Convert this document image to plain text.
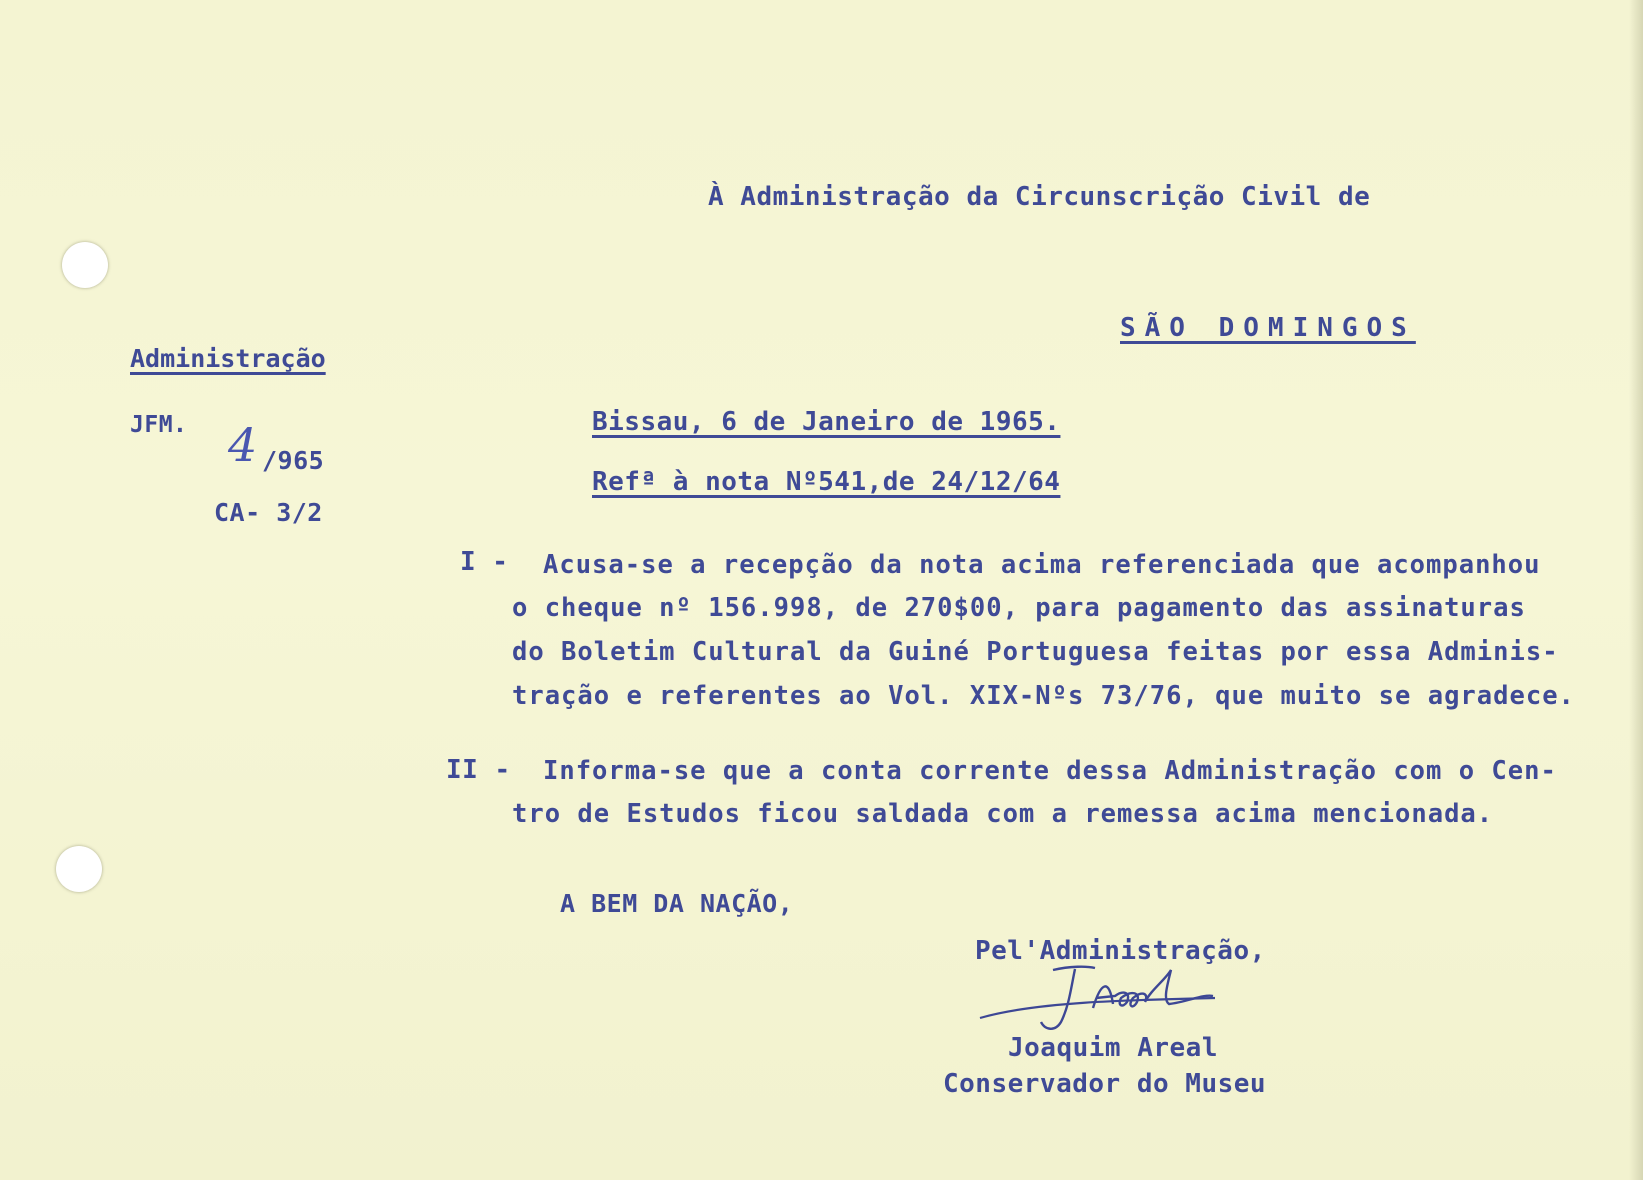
À Administração da Circunscrição Civil de
SÃO DOMINGOS
Administração
JFM. 4 /965
CA- 3/2
Bissau, 6 de Janeiro de 1965.
Refª à nota Nº541,de 24/12/64
I - Acusa-se a recepção da nota acima referenciada que acompanhou
o cheque nº 156.998, de 270$00, para pagamento das assinaturas
do Boletim Cultural da Guiné Portuguesa feitas por essa Adminis-
tração e referentes ao Vol. XIX-Nºs 73/76, que muito se agradece.
II - Informa-se que a conta corrente dessa Administração com o Cen-
tro de Estudos ficou saldada com a remessa acima mencionada.
A BEM DA NAÇÃO,
Pel'Administração,
Joaquim Areal
Conservador do Museu
